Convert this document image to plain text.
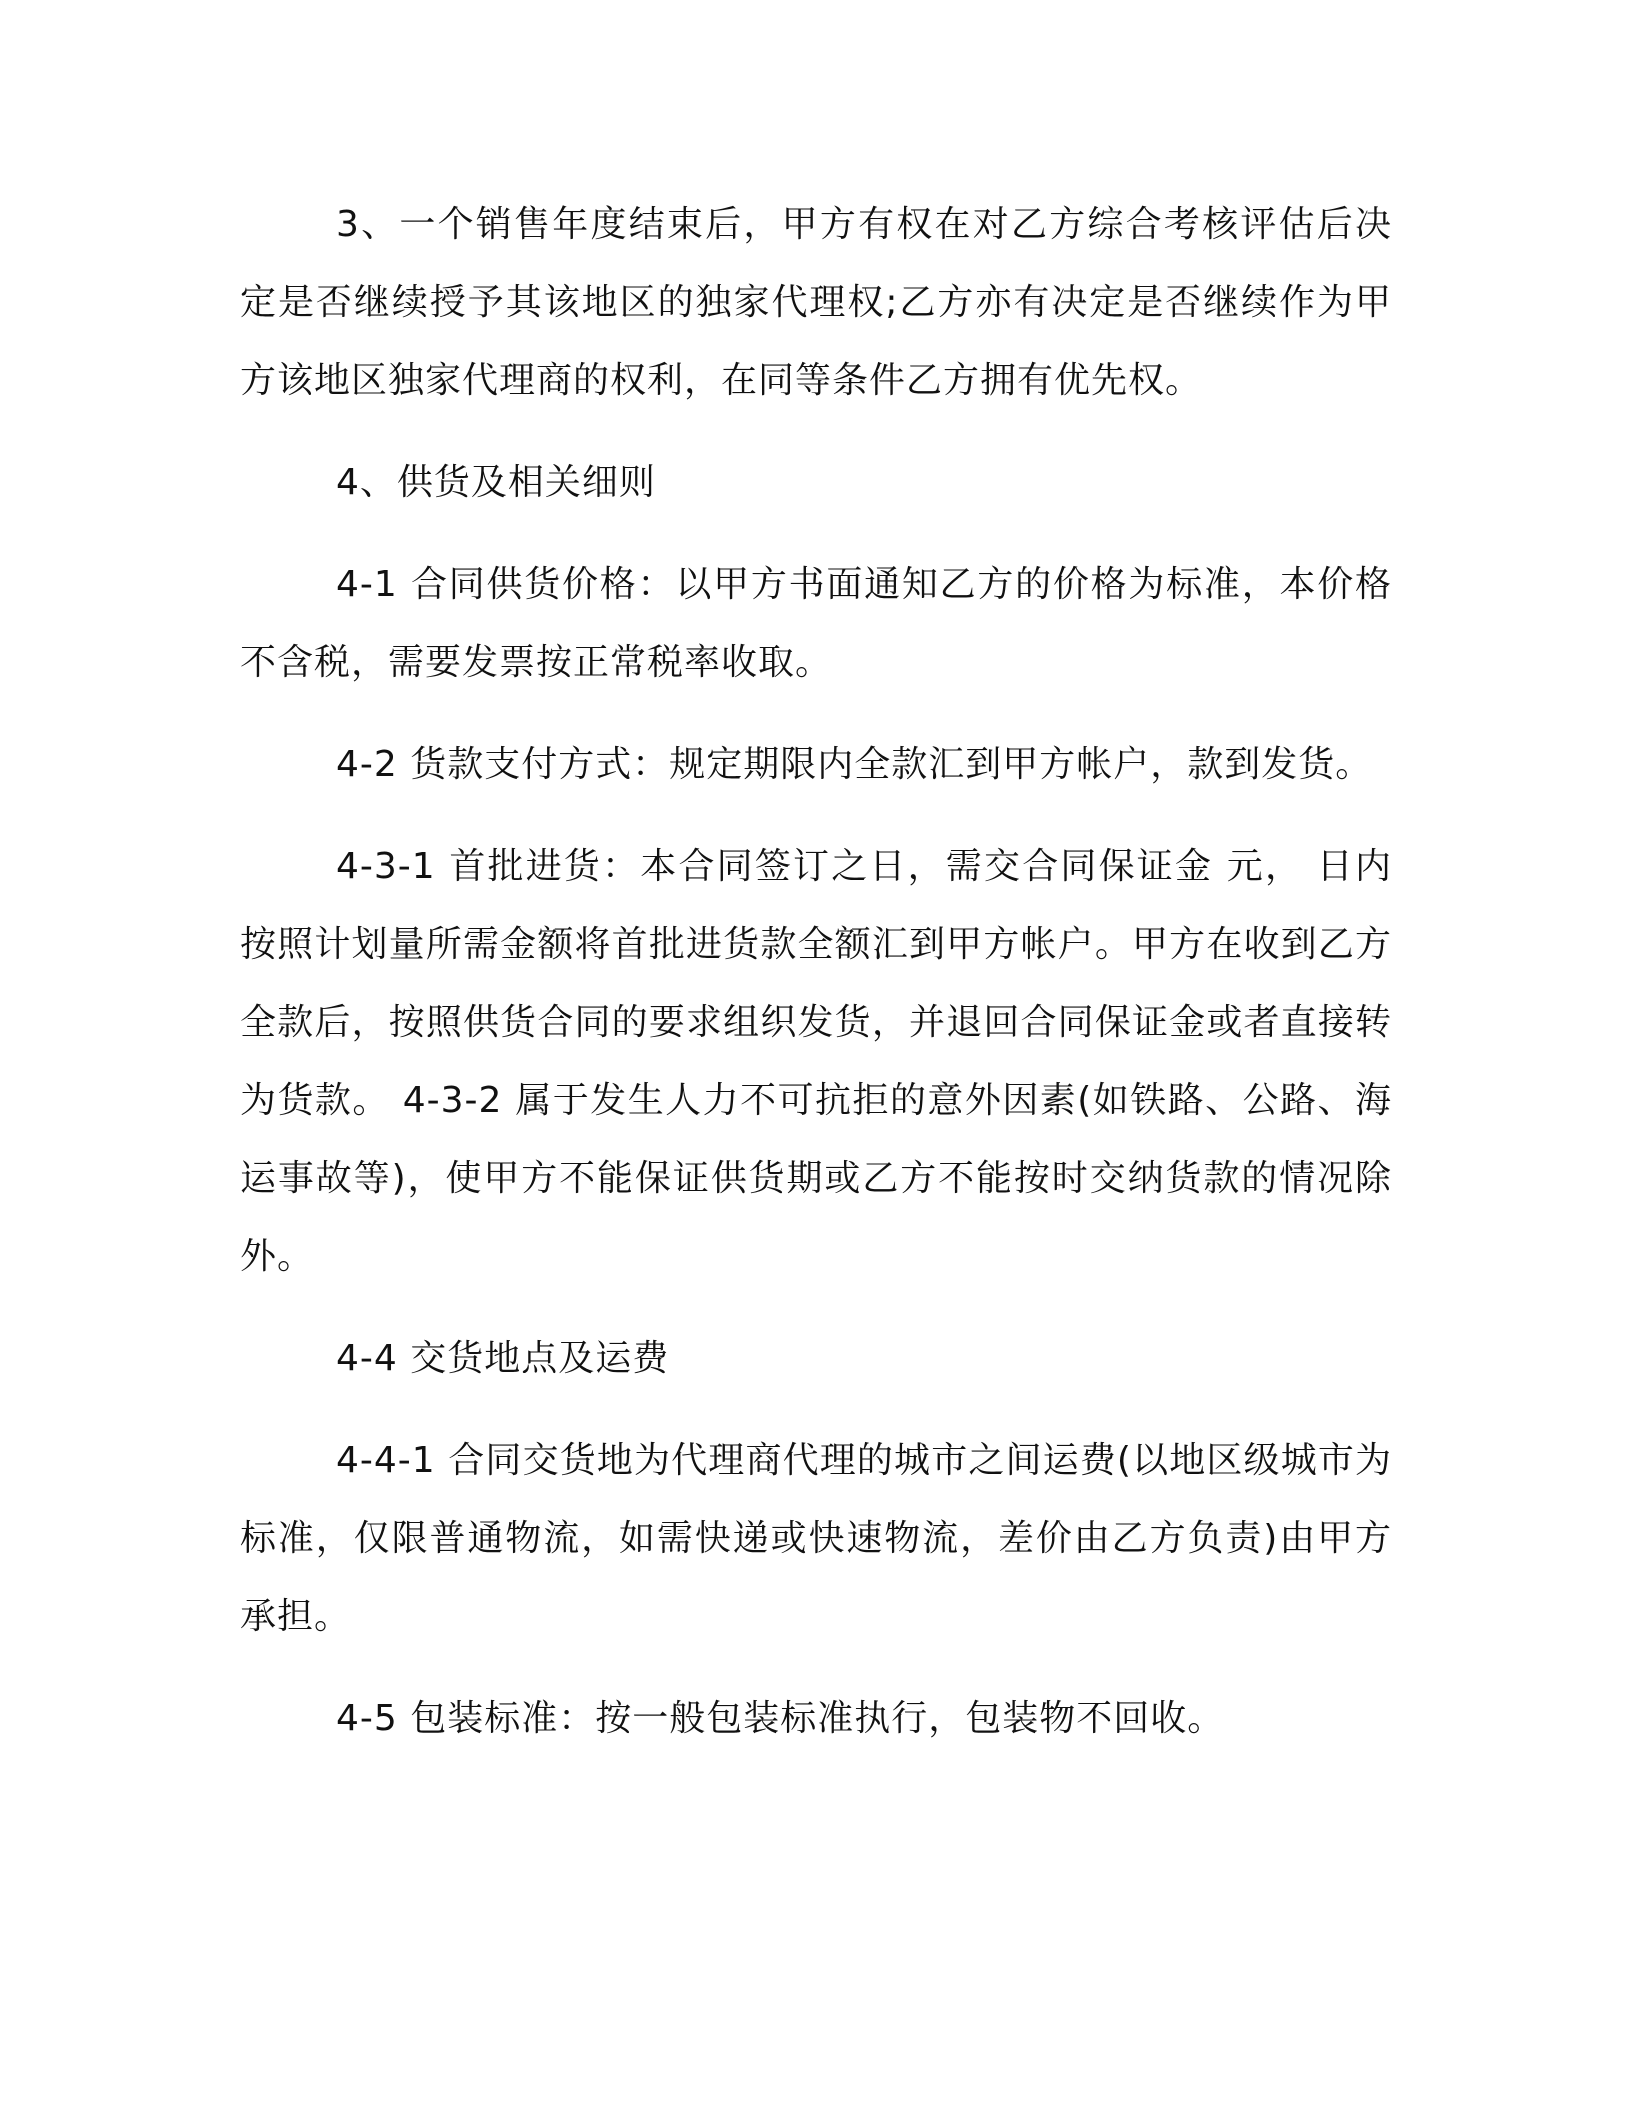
3、一个销售年度结束后，甲方有权在对乙方综合考核评估后决定是否继续授予其该地区的独家代理权;乙方亦有决定是否继续作为甲方该地区独家代理商的权利，在同等条件乙方拥有优先权。

4、供货及相关细则

4-1 合同供货价格：以甲方书面通知乙方的价格为标准，本价格不含税，需要发票按正常税率收取。

4-2 货款支付方式：规定期限内全款汇到甲方帐户，款到发货。

4-3-1 首批进货：本合同签订之日，需交合同保证金 元， 日内按照计划量所需金额将首批进货款全额汇到甲方帐户。甲方在收到乙方全款后，按照供货合同的要求组织发货，并退回合同保证金或者直接转为货款。 4-3-2 属于发生人力不可抗拒的意外因素(如铁路、公路、海运事故等)，使甲方不能保证供货期或乙方不能按时交纳货款的情况除外。

4-4 交货地点及运费

4-4-1 合同交货地为代理商代理的城市之间运费(以地区级城市为标准，仅限普通物流，如需快递或快速物流，差价由乙方负责)由甲方承担。

4-5 包装标准：按一般包装标准执行，包装物不回收。
